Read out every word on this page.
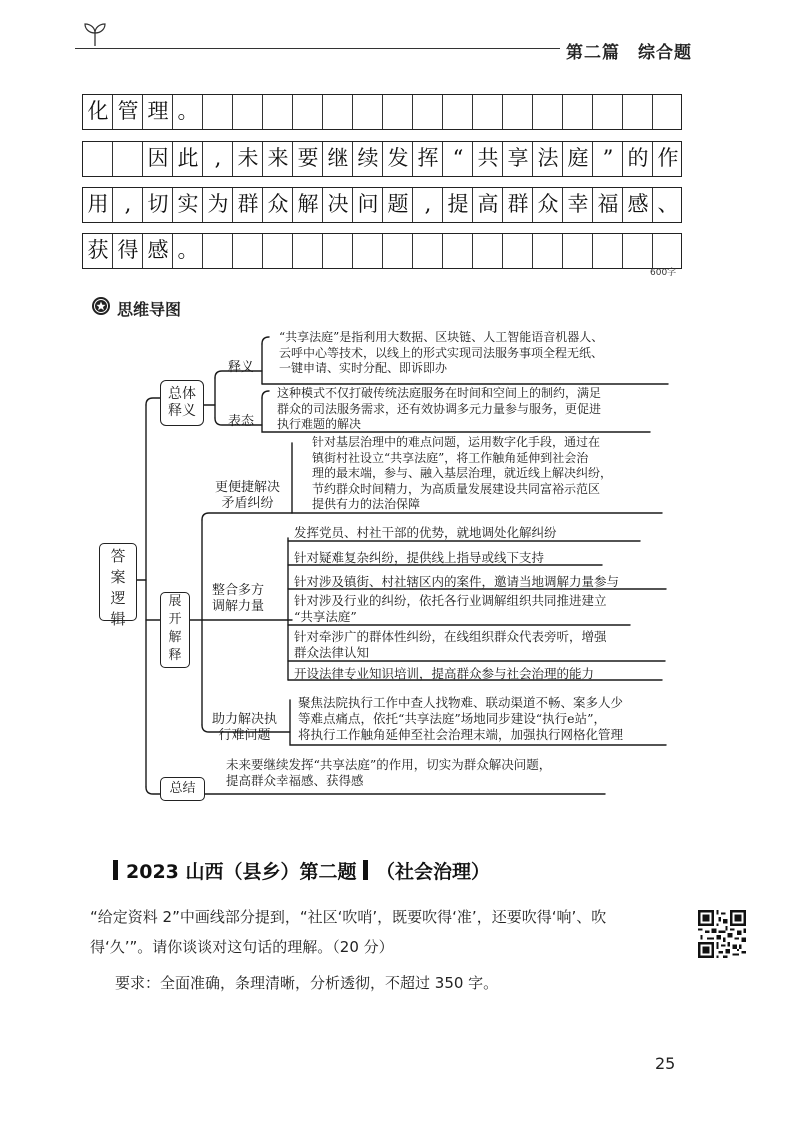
第二篇　综合题
化 管 理 。
因 此 , 未 来 要 继 续 发 挥 “ 共 享 法 庭 ” 的 作
用 , 切 实 为 群 众 解 决 问 题 , 提 高 群 众 幸 福 感 、
获 得 感 。
600字
思维导图
答案逻辑
总体
释义
展开解释
总结
释义
“共享法庭”是指利用大数据、区块链、人工智能语音机器人、
云呼中心等技术，以线上的形式实现司法服务事项全程无纸、
一键申请、实时分配、即诉即办
表态
这种模式不仅打破传统法庭服务在时间和空间上的制约，满足
群众的司法服务需求，还有效协调多元力量参与服务，更促进
执行难题的解决
更便捷解决
矛盾纠纷
针对基层治理中的难点问题，运用数字化手段，通过在
镇街村社设立“共享法庭”，将工作触角延伸到社会治
理的最末端，参与、融入基层治理，就近线上解决纠纷，
节约群众时间精力，为高质量发展建设共同富裕示范区
提供有力的法治保障
整合多方
调解力量
发挥党员、村社干部的优势，就地调处化解纠纷
针对疑难复杂纠纷，提供线上指导或线下支持
针对涉及镇街、村社辖区内的案件，邀请当地调解力量参与
针对涉及行业的纠纷，依托各行业调解组织共同推进建立
“共享法庭”
针对牵涉广的群体性纠纷，在线组织群众代表旁听，增强
群众法律认知
开设法律专业知识培训，提高群众参与社会治理的能力
助力解决执
行难问题
聚焦法院执行工作中查人找物难、联动渠道不畅、案多人少
等难点痛点，依托“共享法庭”场地同步建设“执行e站”，
将执行工作触角延伸至社会治理末端，加强执行网格化管理
未来要继续发挥“共享法庭”的作用，切实为群众解决问题，
提高群众幸福感、获得感
2023 山西（县乡）第二题 （社会治理）
“给定资料 2”中画线部分提到，“社区‘吹哨’，既要吹得‘准’，还要吹得‘响’、吹
得‘久’”。请你谈谈对这句话的理解。（20 分）
要求：全面准确，条理清晰，分析透彻，不超过 350 字。
25
